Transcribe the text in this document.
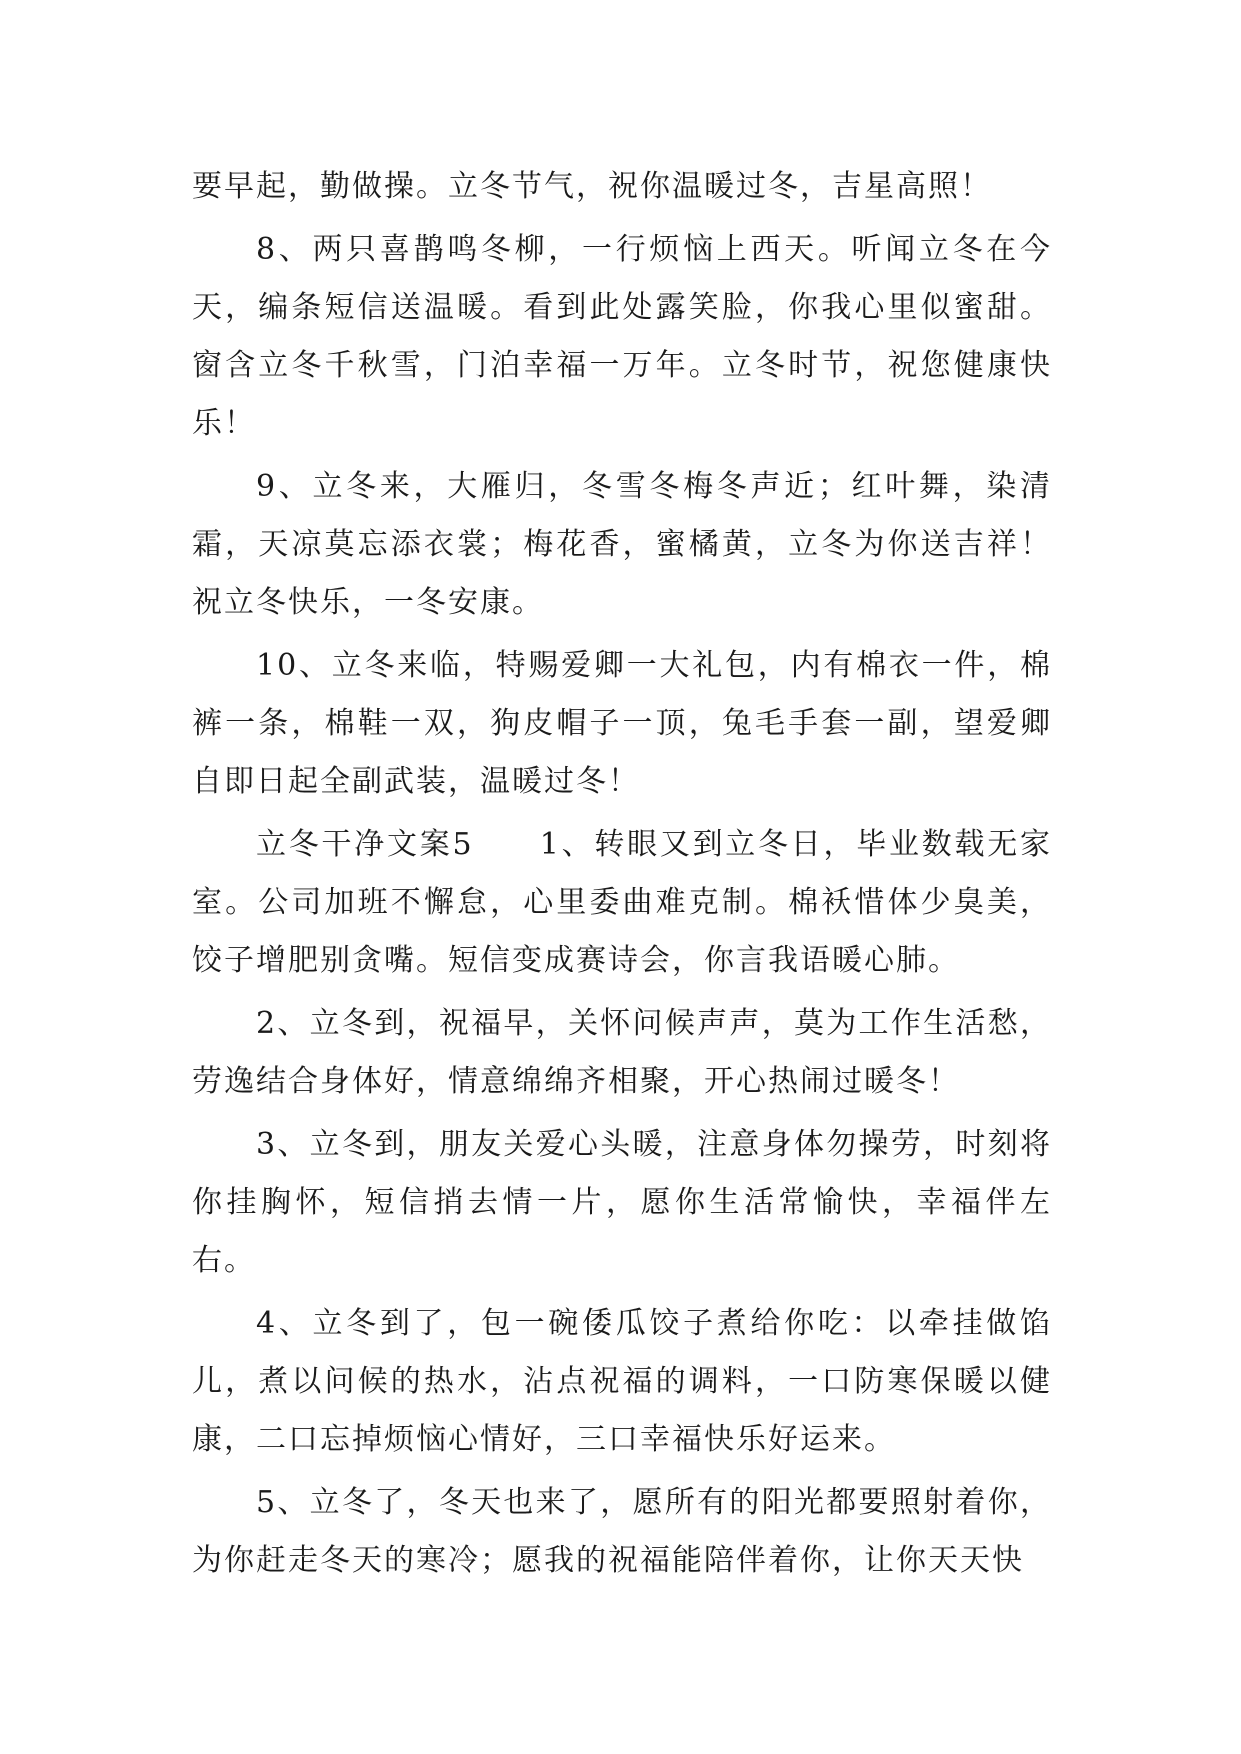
要早起，勤做操。立冬节气，祝你温暖过冬，吉星高照！

8、两只喜鹊鸣冬柳，一行烦恼上西天。听闻立冬在今天，编条短信送温暖。看到此处露笑脸，你我心里似蜜甜。窗含立冬千秋雪，门泊幸福一万年。立冬时节，祝您健康快乐！

9、立冬来，大雁归，冬雪冬梅冬声近；红叶舞，染清霜，天凉莫忘添衣裳；梅花香，蜜橘黄，立冬为你送吉祥！祝立冬快乐，一冬安康。

10、立冬来临，特赐爱卿一大礼包，内有棉衣一件，棉裤一条，棉鞋一双，狗皮帽子一顶，兔毛手套一副，望爱卿自即日起全副武装，温暖过冬！

立冬干净文案5　　1、转眼又到立冬日，毕业数载无家室。公司加班不懈怠，心里委曲难克制。棉袄惜体少臭美，饺子增肥别贪嘴。短信变成赛诗会，你言我语暖心肺。

2、立冬到，祝福早，关怀问候声声，莫为工作生活愁，劳逸结合身体好，情意绵绵齐相聚，开心热闹过暖冬！

3、立冬到，朋友关爱心头暖，注意身体勿操劳，时刻将你挂胸怀，短信捎去情一片，愿你生活常愉快，幸福伴左右。

4、立冬到了，包一碗倭瓜饺子煮给你吃：以牵挂做馅儿，煮以问候的热水，沾点祝福的调料，一口防寒保暖以健康，二口忘掉烦恼心情好，三口幸福快乐好运来。

5、立冬了，冬天也来了，愿所有的阳光都要照射着你，为你赶走冬天的寒冷；愿我的祝福能陪伴着你，让你天天快
